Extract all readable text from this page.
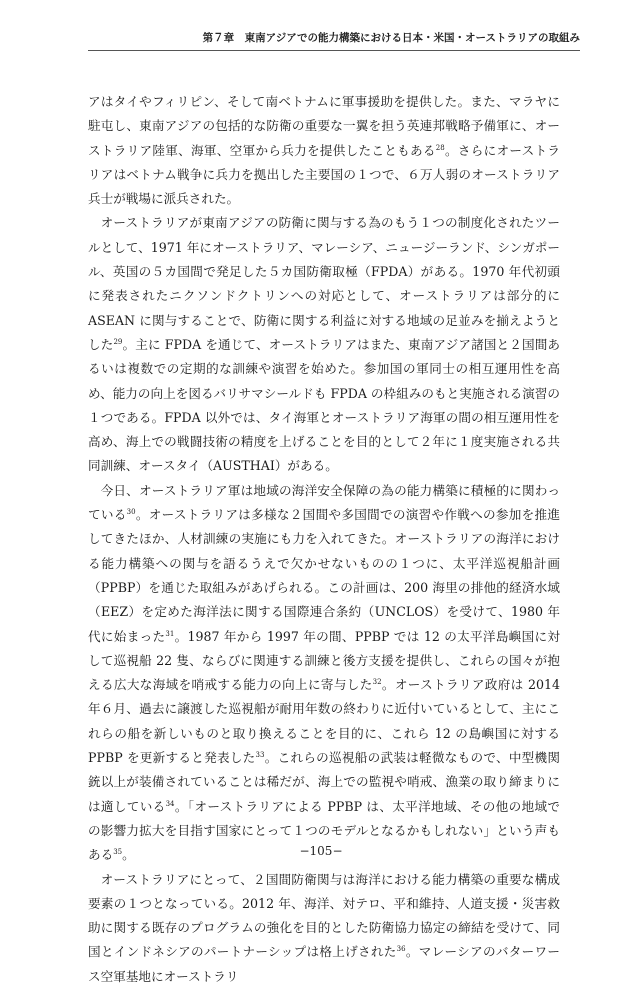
第７章　東南アジアでの能力構築における日本・米国・オーストラリアの取組み

アはタイやフィリピン、そして南ベトナムに軍事援助を提供した。また、マラヤに駐屯し、東南アジアの包括的な防衛の重要な一翼を担う英連邦戦略予備軍に、オーストラリア陸軍、海軍、空軍から兵力を提供したこともある$^{28}$。さらにオーストラリアはベトナム戦争に兵力を拠出した主要国の１つで、６万人弱のオーストラリア兵士が戦場に派兵された。

オーストラリアが東南アジアの防衛に関与する為のもう１つの制度化されたツールとして、1971 年にオーストラリア、マレーシア、ニュージーランド、シンガポール、英国の５カ国間で発足した５カ国防衛取極（FPDA）がある。1970 年代初頭に発表されたニクソンドクトリンへの対応として、オーストラリアは部分的に ASEAN に関与することで、防衛に関する利益に対する地域の足並みを揃えようとした$^{29}$。主に FPDA を通じて、オーストラリアはまた、東南アジア諸国と２国間あるいは複数での定期的な訓練や演習を始めた。参加国の軍同士の相互運用性を高め、能力の向上を図るバリサマシールドも FPDA の枠組みのもと実施される演習の１つである。FPDA 以外では、タイ海軍とオーストラリア海軍の間の相互運用性を高め、海上での戦闘技術の精度を上げることを目的として２年に１度実施される共同訓練、オースタイ（AUSTHAI）がある。

今日、オーストラリア軍は地域の海洋安全保障の為の能力構築に積極的に関わっている$^{30}$。オーストラリアは多様な２国間や多国間での演習や作戦への参加を推進してきたほか、人材訓練の実施にも力を入れてきた。オーストラリアの海洋における能力構築への関与を語るうえで欠かせないものの１つに、太平洋巡視船計画（PPBP）を通じた取組みがあげられる。この計画は、200 海里の排他的経済水域（EEZ）を定めた海洋法に関する国際連合条約（UNCLOS）を受けて、1980 年代に始まった$^{31}$。1987 年から 1997 年の間、PPBP では 12 の太平洋島嶼国に対して巡視船 22 隻、ならびに関連する訓練と後方支援を提供し、これらの国々が抱える広大な海域を哨戒する能力の向上に寄与した$^{32}$。オーストラリア政府は 2014 年６月、過去に譲渡した巡視船が耐用年数の終わりに近付いているとして、主にこれらの船を新しいものと取り換えることを目的に、これら 12 の島嶼国に対する PPBP を更新すると発表した$^{33}$。これらの巡視船の武装は軽微なもので、中型機関銃以上が装備されていることは稀だが、海上での監視や哨戒、漁業の取り締まりには適している$^{34}$。「オーストラリアによる PPBP は、太平洋地域、その他の地域での影響力拡大を目指す国家にとって１つのモデルとなるかもしれない」という声もある$^{35}$。

オーストラリアにとって、２国間防衛関与は海洋における能力構築の重要な構成要素の１つとなっている。2012 年、海洋、対テロ、平和維持、人道支援・災害救助に関する既存のプログラムの強化を目的とした防衛協力協定の締結を受けて、同国とインドネシアのパートナーシップは格上げされた$^{36}$。マレーシアのバターワース空軍基地にオーストラリ

−105−
